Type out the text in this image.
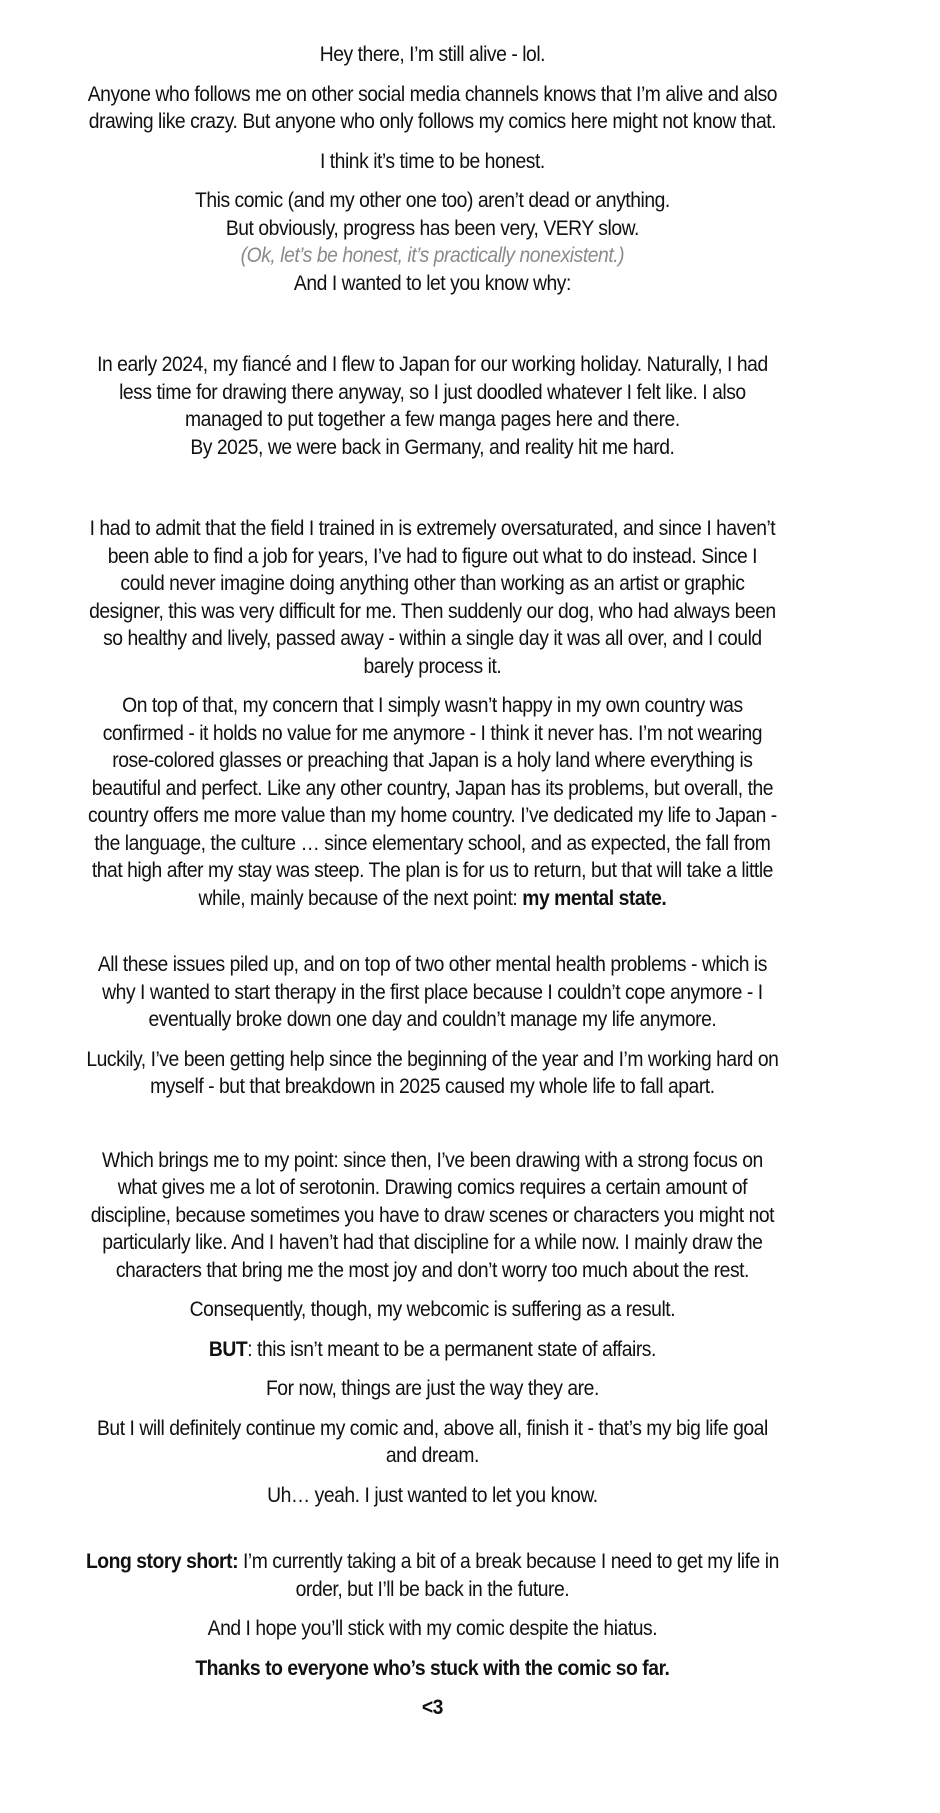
Hey there, I’m still alive - lol.

Anyone who follows me on other social media channels knows that I’m alive and also
drawing like crazy. But anyone who only follows my comics here might not know that.

I think it’s time to be honest.

This comic (and my other one too) aren’t dead or anything.
But obviously, progress has been very, VERY slow.
(Ok, let’s be honest, it’s practically nonexistent.)
And I wanted to let you know why:

In early 2024, my fiancé and I flew to Japan for our working holiday. Naturally, I had
less time for drawing there anyway, so I just doodled whatever I felt like. I also
managed to put together a few manga pages here and there.
By 2025, we were back in Germany, and reality hit me hard.

I had to admit that the field I trained in is extremely oversaturated, and since I haven’t
been able to find a job for years, I’ve had to figure out what to do instead. Since I
could never imagine doing anything other than working as an artist or graphic
designer, this was very difficult for me. Then suddenly our dog, who had always been
so healthy and lively, passed away - within a single day it was all over, and I could
barely process it.

On top of that, my concern that I simply wasn’t happy in my own country was
confirmed - it holds no value for me anymore - I think it never has. I’m not wearing
rose-colored glasses or preaching that Japan is a holy land where everything is
beautiful and perfect. Like any other country, Japan has its problems, but overall, the
country offers me more value than my home country. I’ve dedicated my life to Japan -
the language, the culture … since elementary school, and as expected, the fall from
that high after my stay was steep. The plan is for us to return, but that will take a little
while, mainly because of the next point: my mental state.

All these issues piled up, and on top of two other mental health problems - which is
why I wanted to start therapy in the first place because I couldn’t cope anymore - I
eventually broke down one day and couldn’t manage my life anymore.

Luckily, I’ve been getting help since the beginning of the year and I’m working hard on
myself - but that breakdown in 2025 caused my whole life to fall apart.

Which brings me to my point: since then, I’ve been drawing with a strong focus on
what gives me a lot of serotonin. Drawing comics requires a certain amount of
discipline, because sometimes you have to draw scenes or characters you might not
particularly like. And I haven’t had that discipline for a while now. I mainly draw the
characters that bring me the most joy and don’t worry too much about the rest.

Consequently, though, my webcomic is suffering as a result.

BUT: this isn’t meant to be a permanent state of affairs.

For now, things are just the way they are.

But I will definitely continue my comic and, above all, finish it - that’s my big life goal
and dream.

Uh… yeah. I just wanted to let you know.

Long story short: I’m currently taking a bit of a break because I need to get my life in
order, but I’ll be back in the future.

And I hope you’ll stick with my comic despite the hiatus.

Thanks to everyone who’s stuck with the comic so far.

<3
